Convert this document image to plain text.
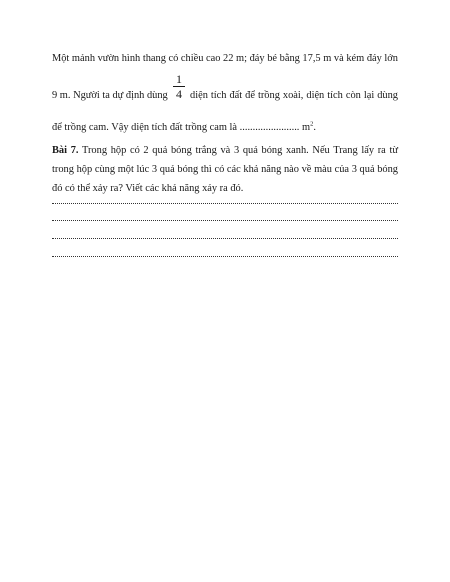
Một mảnh vườn hình thang có chiều cao 22 m; đáy bé bằng 17,5 m và kém đáy lớn
9 m. Người ta dự định dùng
1
4 diện tích đất để trồng xoài, diện tích còn lại dùng
để trồng cam. Vậy diện tích đất trồng cam là ....................... $m^2$.
Bài 7. Trong hộp có 2 quả bóng trắng và 3 quả bóng xanh. Nếu Trang lấy ra từ
trong hộp cùng một lúc 3 quả bóng thì có các khả năng nào về màu của 3 quả bóng
đó có thể xảy ra? Viết các khả năng xảy ra đó.
